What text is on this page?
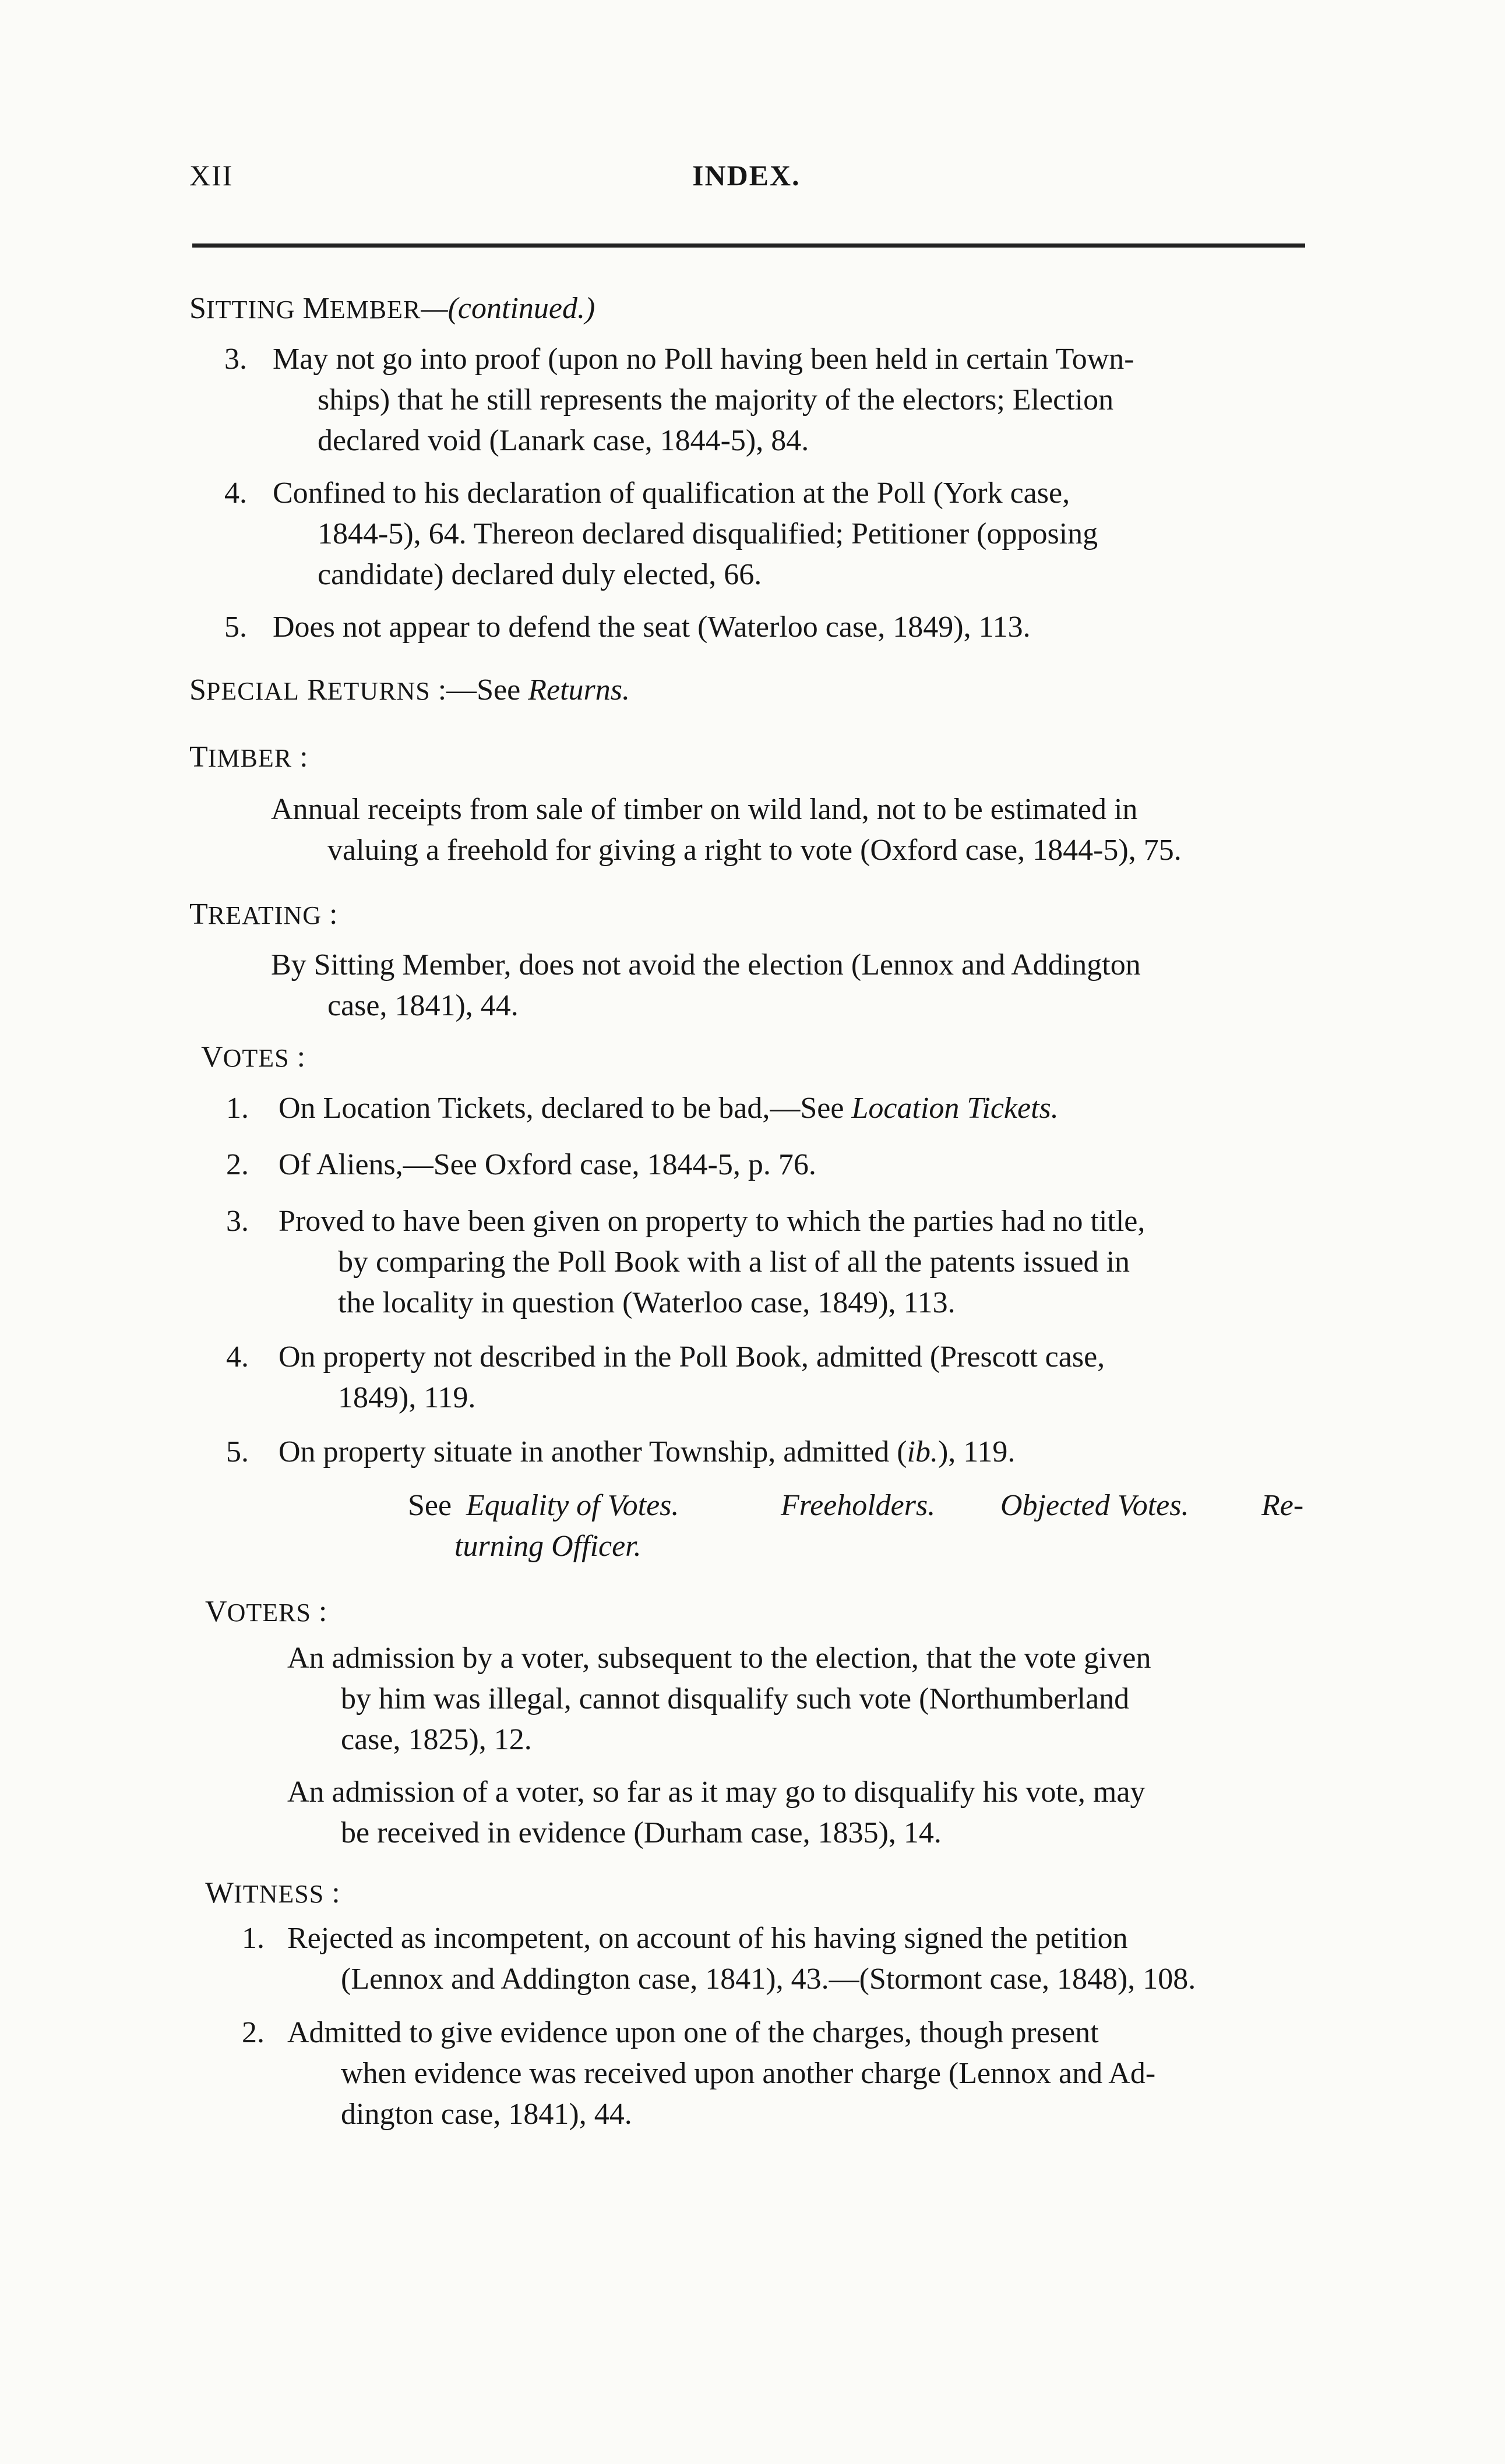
XII	INDEX.
SITTING MEMBER—(continued.)
3. May not go into proof (upon no Poll having been held in certain Town-
ships) that he still represents the majority of the electors; Election
declared void (Lanark case, 1844-5), 84.
4. Confined to his declaration of qualification at the Poll (York case,
1844-5), 64. Thereon declared disqualified; Petitioner (opposing
candidate) declared duly elected, 66.
5. Does not appear to defend the seat (Waterloo case, 1849), 113.
SPECIAL RETURNS :—See Returns.
TIMBER :
Annual receipts from sale of timber on wild land, not to be estimated in
valuing a freehold for giving a right to vote (Oxford case, 1844-5), 75.
TREATING :
By Sitting Member, does not avoid the election (Lennox and Addington
case, 1841), 44.
VOTES :
1. On Location Tickets, declared to be bad,—See Location Tickets.
2. Of Aliens,—See Oxford case, 1844-5, p. 76.
3. Proved to have been given on property to which the parties had no title,
by comparing the Poll Book with a list of all the patents issued in
the locality in question (Waterloo case, 1849), 113.
4. On property not described in the Poll Book, admitted (Prescott case,
1849), 119.
5. On property situate in another Township, admitted (ib.), 119.
See Equality of Votes.	Freeholders. Objected Votes. Re-
turning Officer.
VOTERS :
An admission by a voter, subsequent to the election, that the vote given
by him was illegal, cannot disqualify such vote (Northumberland
case, 1825), 12.
An admission of a voter, so far as it may go to disqualify his vote, may
be received in evidence (Durham case, 1835), 14.
WITNESS :
1. Rejected as incompetent, on account of his having signed the petition
(Lennox and Addington case, 1841), 43.—(Stormont case, 1848), 108.
2. Admitted to give evidence upon one of the charges, though present
when evidence was received upon another charge (Lennox and Ad-
dington case, 1841), 44.
